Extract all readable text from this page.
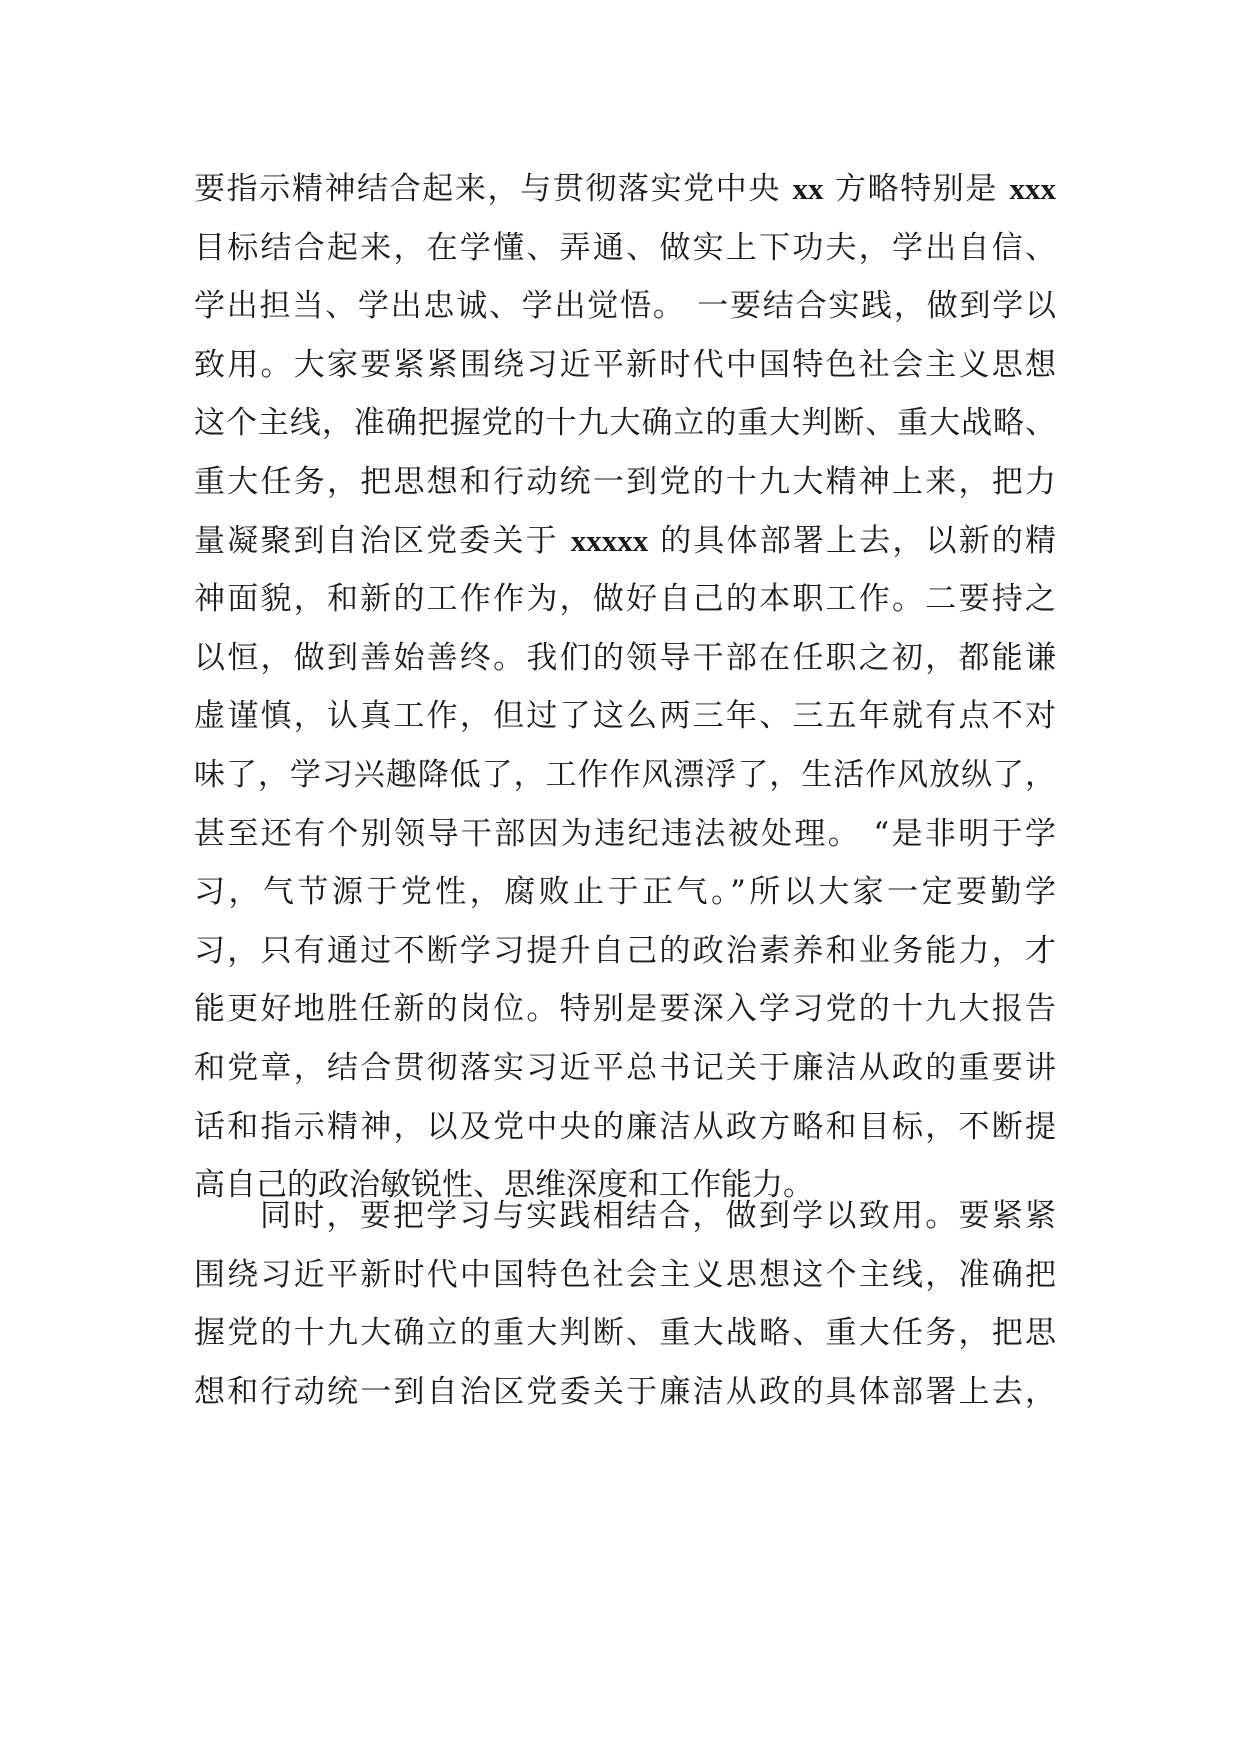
要指示精神结合起来，与贯彻落实党中央 xx 方略特别是 xxx
目标结合起来，在学懂、弄通、做实上下功夫，学出自信、
学出担当、学出忠诚、学出觉悟。 一要结合实践，做到学以
致用。大家要紧紧围绕习近平新时代中国特色社会主义思想
这个主线，准确把握党的十九大确立的重大判断、重大战略、
重大任务，把思想和行动统一到党的十九大精神上来，把力
量凝聚到自治区党委关于 xxxxx 的具体部署上去，以新的精
神面貌，和新的工作作为，做好自己的本职工作。二要持之
以恒，做到善始善终。我们的领导干部在任职之初，都能谦
虚谨慎，认真工作，但过了这么两三年、三五年就有点不对
味了，学习兴趣降低了，工作作风漂浮了，生活作风放纵了，
甚至还有个别领导干部因为违纪违法被处理。 “是非明于学
习，气节源于党性，腐败止于正气。”所以大家一定要勤学
习，只有通过不断学习提升自己的政治素养和业务能力，才
能更好地胜任新的岗位。特别是要深入学习党的十九大报告
和党章，结合贯彻落实习近平总书记关于廉洁从政的重要讲
话和指示精神，以及党中央的廉洁从政方略和目标，不断提
高自己的政治敏锐性、思维深度和工作能力。
同时，要把学习与实践相结合，做到学以致用。要紧紧
围绕习近平新时代中国特色社会主义思想这个主线，准确把
握党的十九大确立的重大判断、重大战略、重大任务，把思
想和行动统一到自治区党委关于廉洁从政的具体部署上去，
